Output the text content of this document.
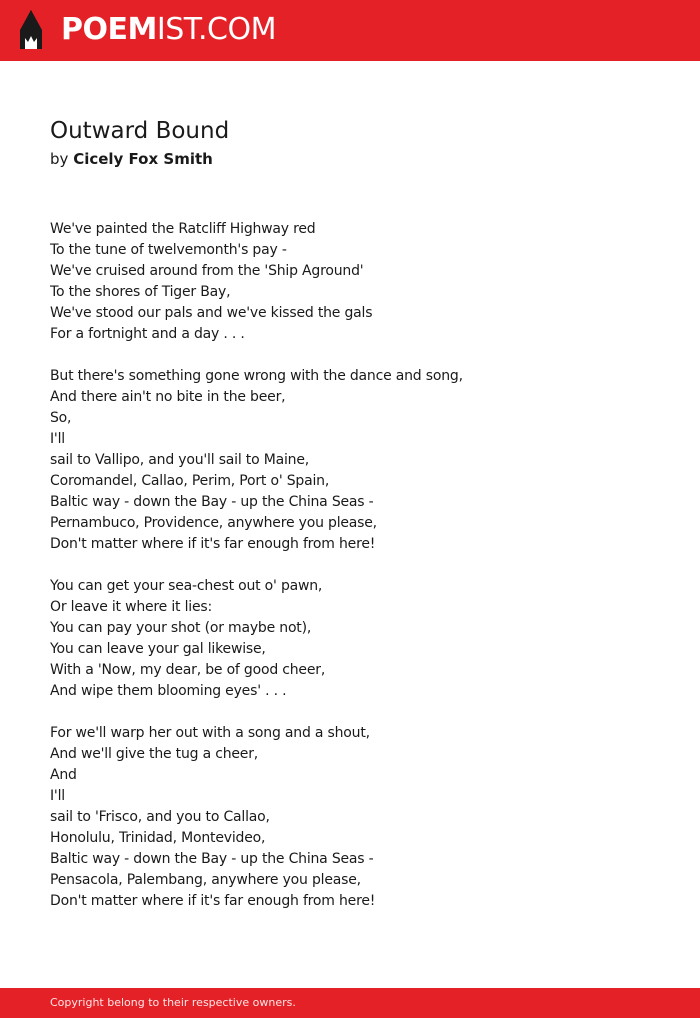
POEMIST.COM
Outward Bound
by Cicely Fox Smith
We've painted the Ratcliff Highway red
To the tune of twelvemonth's pay -
We've cruised around from the 'Ship Aground'
To the shores of Tiger Bay,
We've stood our pals and we've kissed the gals
For a fortnight and a day . . .
But there's something gone wrong with the dance and song,
And there ain't no bite in the beer,
So,
I'll
sail to Vallipo, and you'll sail to Maine,
Coromandel, Callao, Perim, Port o' Spain,
Baltic way - down the Bay - up the China Seas -
Pernambuco, Providence, anywhere you please,
Don't matter where if it's far enough from here!
You can get your sea-chest out o' pawn,
Or leave it where it lies:
You can pay your shot (or maybe not),
You can leave your gal likewise,
With a 'Now, my dear, be of good cheer,
And wipe them blooming eyes' . . .
For we'll warp her out with a song and a shout,
And we'll give the tug a cheer,
And
I'll
sail to 'Frisco, and you to Callao,
Honolulu, Trinidad, Montevideo,
Baltic way - down the Bay - up the China Seas -
Pensacola, Palembang, anywhere you please,
Don't matter where if it's far enough from here!
Copyright belong to their respective owners.
